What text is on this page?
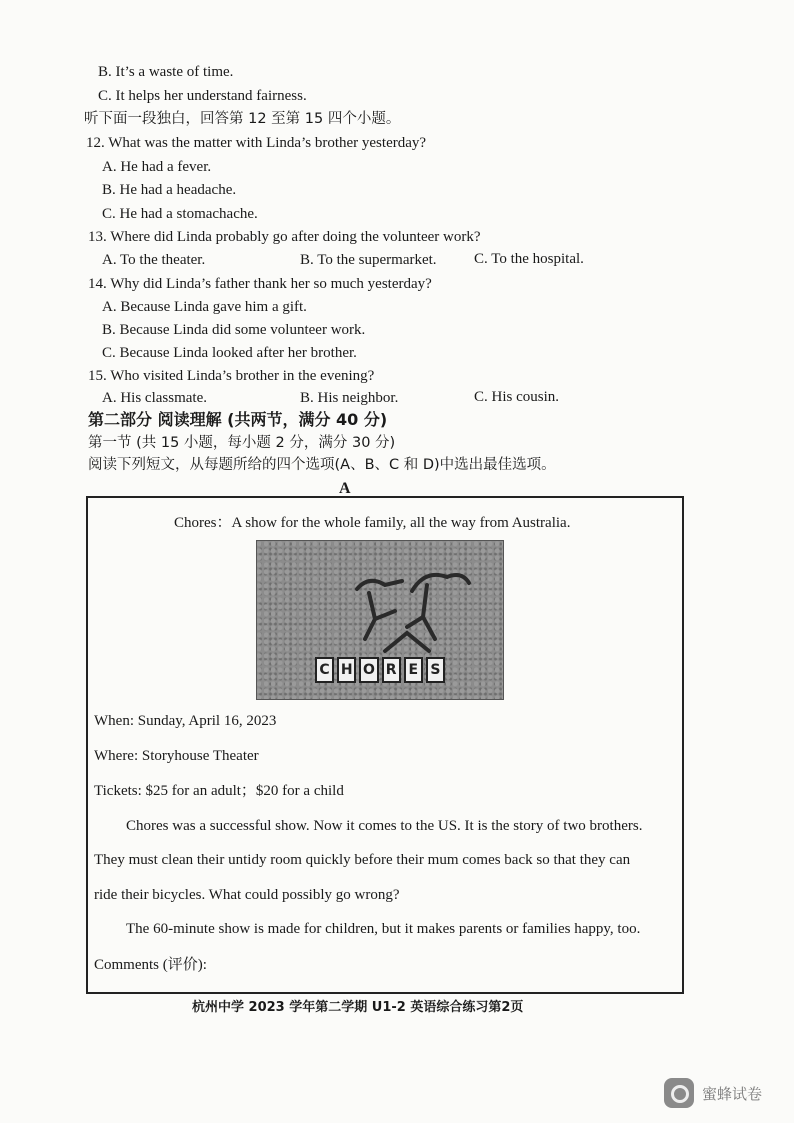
B. It’s a waste of time.
C. It helps her understand fairness.
听下面一段独白，回答第 12 至第 15 四个小题。
12. What was the matter with Linda’s brother yesterday?
A. He had a fever.
B. He had a headache.
C. He had a stomachache.
13. Where did Linda probably go after doing the volunteer work?
A. To the theater.	B. To the supermarket. C. To the hospital.
14. Why did Linda’s father thank her so much yesterday?
A. Because Linda gave him a gift.
B. Because Linda did some volunteer work.
C. Because Linda looked after her brother.
15. Who visited Linda’s brother in the evening?
A. His classmate.	B. His neighbor.	C. His cousin.
第二部分 阅读理解 (共两节，满分 40 分)
第一节 (共 15 小题，每小题 2 分，满分 30 分)
阅读下列短文，从每题所给的四个选项(A、B、C 和 D)中选出最佳选项。
A
Chores：A show for the whole family, all the way from Australia.
C H O R E S
When: Sunday, April 16, 2023
Where: Storyhouse Theater
Tickets: $25 for an adult；$20 for a child
Chores was a successful show. Now it comes to the US. It is the story of two brothers.
They must clean their untidy room quickly before their mum comes back so that they can
ride their bicycles. What could possibly go wrong?
The 60-minute show is made for children, but it makes parents or families happy, too.
Comments (评价):
杭州中学 2023 学年第二学期 U1-2 英语综合练习第2页
蜜蜂试卷
